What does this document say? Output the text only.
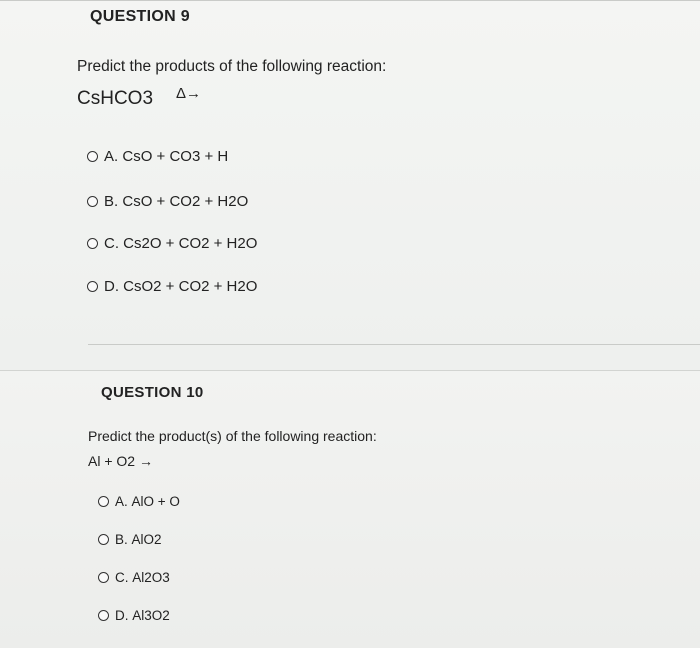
QUESTION 9
Predict the products of the following reaction:
CsHCO3 Δ→
A.
CsO + CO3 + H
B.
CsO + CO2 + H2O
C.
Cs2O + CO2 + H2O
D.
CsO2 + CO2 + H2O
QUESTION 10
Predict the product(s) of the following reaction:
Al + O2 →
A.
AlO + O
B.
AlO2
C.
Al2O3
D.
Al3O2
